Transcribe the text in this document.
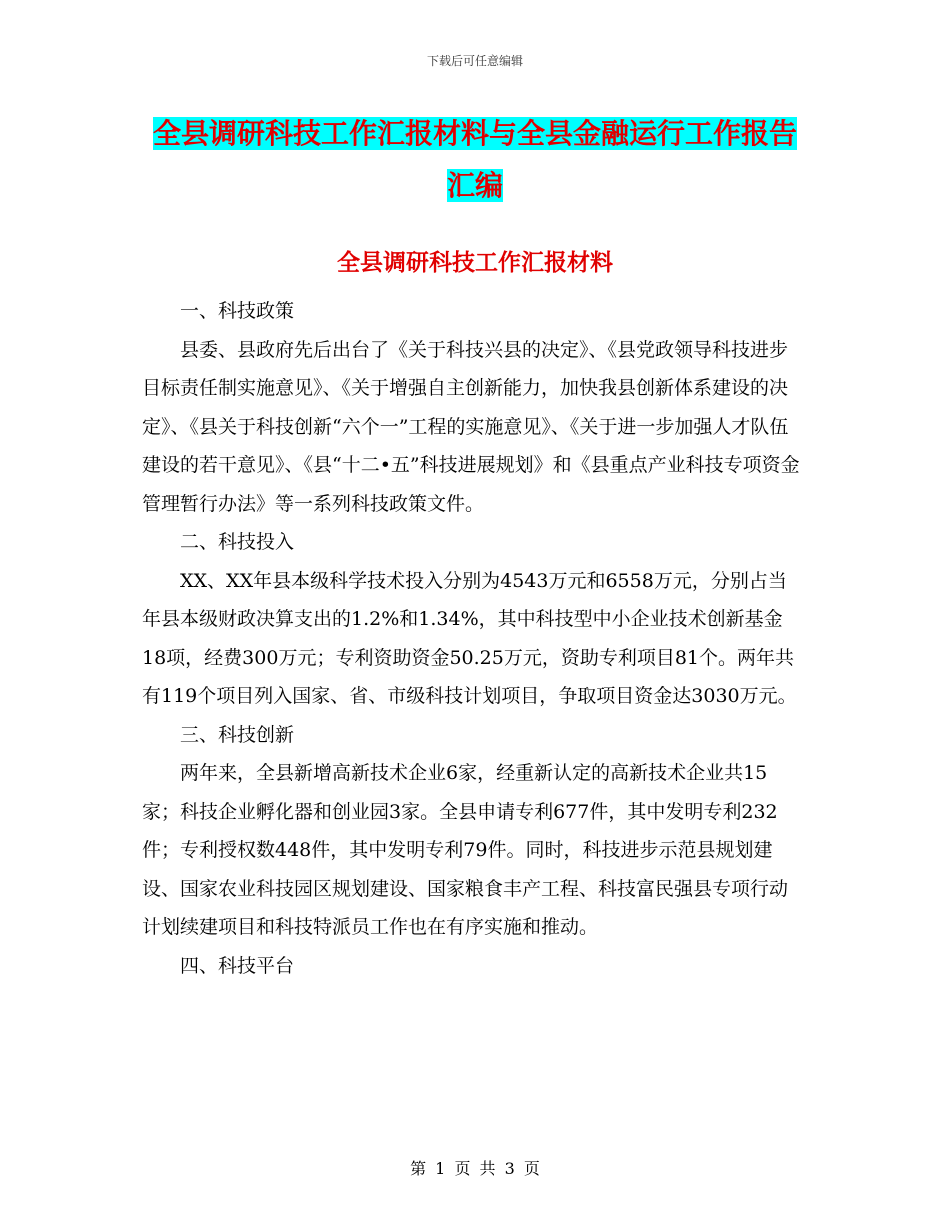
下载后可任意编辑
全县调研科技工作汇报材料与全县金融运行工作报告
汇编
全县调研科技工作汇报材料

一、科技政策

县委、县政府先后出台了《关于科技兴县的决定》、《县党政领导科技进步目标责任制实施意见》、《关于增强自主创新能力，加快我县创新体系建设的决定》、《县关于科技创新“六个一”工程的实施意见》、《关于进一步加强人才队伍建设的若干意见》、《县“十二•五”科技进展规划》和《县重点产业科技专项资金管理暂行办法》等一系列科技政策文件。

二、科技投入

XX、XX年县本级科学技术投入分别为4543万元和6558万元，分别占当年县本级财政决算支出的1.2%和1.34%，其中科技型中小企业技术创新基金18项，经费300万元；专利资助资金50.25万元，资助专利项目81个。两年共有119个项目列入国家、省、市级科技计划项目，争取项目资金达3030万元。

三、科技创新

两年来，全县新增高新技术企业6家，经重新认定的高新技术企业共15家；科技企业孵化器和创业园3家。全县申请专利677件，其中发明专利232件；专利授权数448件，其中发明专利79件。同时，科技进步示范县规划建设、国家农业科技园区规划建设、国家粮食丰产工程、科技富民强县专项行动计划续建项目和科技特派员工作也在有序实施和推动。

四、科技平台

第 1 页 共 3 页
